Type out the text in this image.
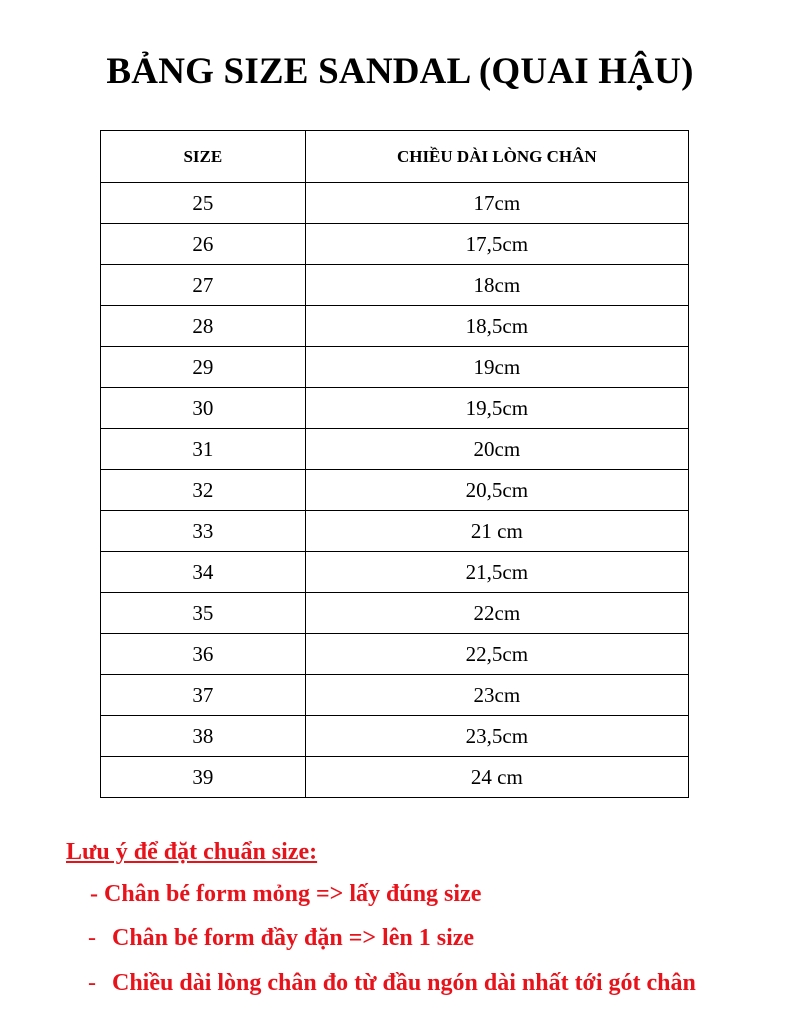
BẢNG SIZE SANDAL (QUAI HẬU)
SIZE	CHIỀU DÀI LÒNG CHÂN
25	17cm
26	17,5cm
27	18cm
28	18,5cm
29	19cm
30	19,5cm
31	20cm
32	20,5cm
33	21 cm
34	21,5cm
35	22cm
36	22,5cm
37	23cm
38	23,5cm
39	24 cm

Lưu ý để đặt chuẩn size:

- Chân bé form mỏng => lấy đúng size

- Chân bé form đầy đặn => lên 1 size

- Chiều dài lòng chân đo từ đầu ngón dài nhất tới gót chân
